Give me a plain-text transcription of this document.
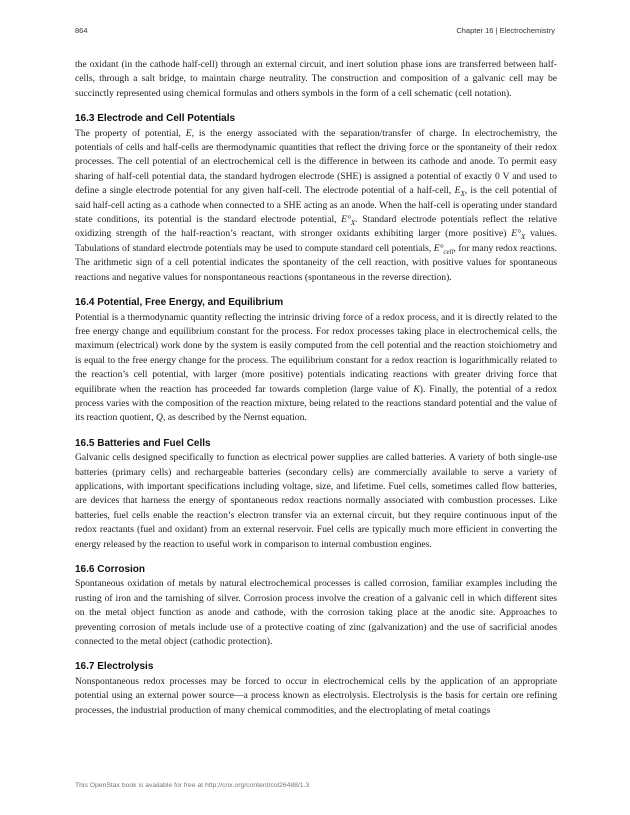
864	Chapter 16 | Electrochemistry

the oxidant (in the cathode half-cell) through an external circuit, and inert solution phase ions are transferred between half-cells, through a salt bridge, to maintain charge neutrality. The construction and composition of a galvanic cell may be succinctly represented using chemical formulas and others symbols in the form of a cell schematic (cell notation).

16.3 Electrode and Cell Potentials

The property of potential, E, is the energy associated with the separation/transfer of charge. In electrochemistry, the potentials of cells and half-cells are thermodynamic quantities that reflect the driving force or the spontaneity of their redox processes. The cell potential of an electrochemical cell is the difference in between its cathode and anode. To permit easy sharing of half-cell potential data, the standard hydrogen electrode (SHE) is assigned a potential of exactly 0 V and used to define a single electrode potential for any given half-cell. The electrode potential of a half-cell, $E_X$, is the cell potential of said half-cell acting as a cathode when connected to a SHE acting as an anode. When the half-cell is operating under standard state conditions, its potential is the standard electrode potential, $E^\circ_X$. Standard electrode potentials reflect the relative oxidizing strength of the half-reaction’s reactant, with stronger oxidants exhibiting larger (more positive) $E^\circ_X$ values. Tabulations of standard electrode potentials may be used to compute standard cell potentials, $E^\circ_{cell}$, for many redox reactions. The arithmetic sign of a cell potential indicates the spontaneity of the cell reaction, with positive values for spontaneous reactions and negative values for nonspontaneous reactions (spontaneous in the reverse direction).

16.4 Potential, Free Energy, and Equilibrium

Potential is a thermodynamic quantity reflecting the intrinsic driving force of a redox process, and it is directly related to the free energy change and equilibrium constant for the process. For redox processes taking place in electrochemical cells, the maximum (electrical) work done by the system is easily computed from the cell potential and the reaction stoichiometry and is equal to the free energy change for the process. The equilibrium constant for a redox reaction is logarithmically related to the reaction’s cell potential, with larger (more positive) potentials indicating reactions with greater driving force that equilibrate when the reaction has proceeded far towards completion (large value of K). Finally, the potential of a redox process varies with the composition of the reaction mixture, being related to the reactions standard potential and the value of its reaction quotient, Q, as described by the Nernst equation.

16.5 Batteries and Fuel Cells

Galvanic cells designed specifically to function as electrical power supplies are called batteries. A variety of both single-use batteries (primary cells) and rechargeable batteries (secondary cells) are commercially available to serve a variety of applications, with important specifications including voltage, size, and lifetime. Fuel cells, sometimes called flow batteries, are devices that harness the energy of spontaneous redox reactions normally associated with combustion processes. Like batteries, fuel cells enable the reaction’s electron transfer via an external circuit, but they require continuous input of the redox reactants (fuel and oxidant) from an external reservoir. Fuel cells are typically much more efficient in converting the energy released by the reaction to useful work in comparison to internal combustion engines.

16.6 Corrosion

Spontaneous oxidation of metals by natural electrochemical processes is called corrosion, familiar examples including the rusting of iron and the tarnishing of silver. Corrosion process involve the creation of a galvanic cell in which different sites on the metal object function as anode and cathode, with the corrosion taking place at the anodic site. Approaches to preventing corrosion of metals include use of a protective coating of zinc (galvanization) and the use of sacrificial anodes connected to the metal object (cathodic protection).

16.7 Electrolysis

Nonspontaneous redox processes may be forced to occur in electrochemical cells by the application of an appropriate potential using an external power source—a process known as electrolysis. Electrolysis is the basis for certain ore refining processes, the industrial production of many chemical commodities, and the electroplating of metal coatings

This OpenStax book is available for free at http://cnx.org/content/col26488/1.3
